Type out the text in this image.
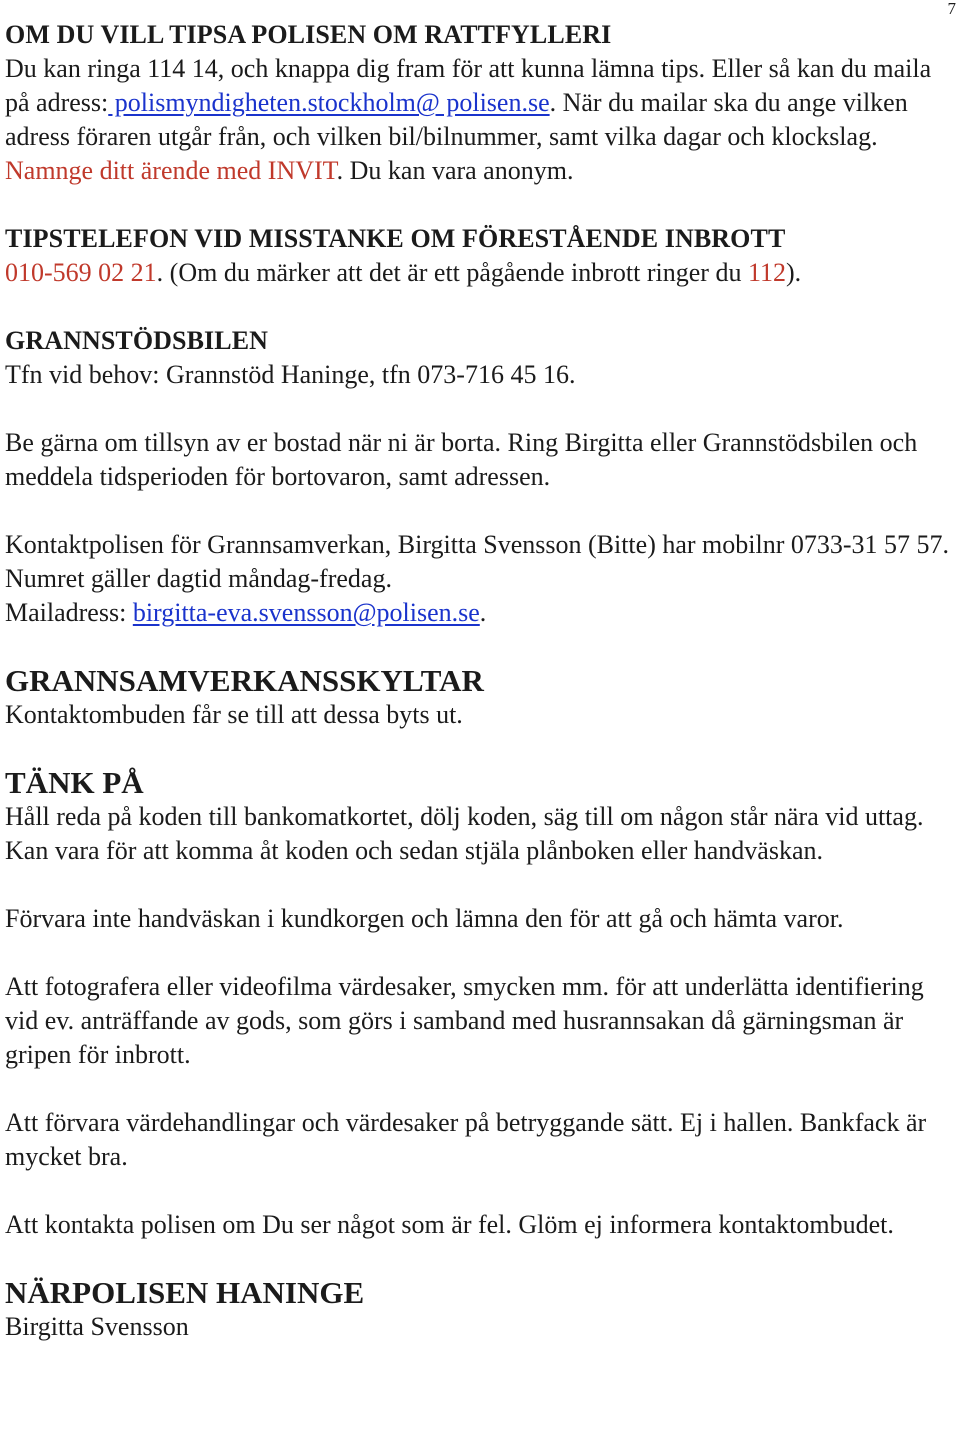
7
OM DU VILL TIPSA POLISEN OM RATTFYLLERI

Du kan ringa 114 14, och knappa dig fram för att kunna lämna tips. Eller så kan du maila på adress: polismyndigheten.stockholm@ polisen.se. När du mailar ska du ange vilken adress föraren utgår från, och vilken bil/bilnummer, samt vilka dagar och klockslag. Namnge ditt ärende med INVIT. Du kan vara anonym.

TIPSTELEFON VID MISSTANKE OM FÖRESTÅENDE INBROTT

010-569 02 21. (Om du märker att det är ett pågående inbrott ringer du 112).

GRANNSTÖDSBILEN

Tfn vid behov: Grannstöd Haninge, tfn 073-716 45 16.

Be gärna om tillsyn av er bostad när ni är borta. Ring Birgitta eller Grannstödsbilen och meddela tidsperioden för bortovaron, samt adressen.

Kontaktpolisen för Grannsamverkan, Birgitta Svensson (Bitte) har mobilnr 0733-31 57 57. Numret gäller dagtid måndag-fredag.

Mailadress: birgitta-eva.svensson@polisen.se.

GRANNSAMVERKANSSKYLTAR

Kontaktombuden får se till att dessa byts ut.

TÄNK PÅ

Håll reda på koden till bankomatkortet, dölj koden, säg till om någon står nära vid uttag. Kan vara för att komma åt koden och sedan stjäla plånboken eller handväskan.

Förvara inte handväskan i kundkorgen och lämna den för att gå och hämta varor.

Att fotografera eller videofilma värdesaker, smycken mm. för att underlätta identifiering vid ev. anträffande av gods, som görs i samband med husrannsakan då gärningsman är gripen för inbrott.

Att förvara värdehandlingar och värdesaker på betryggande sätt. Ej i hallen. Bankfack är mycket bra.

Att kontakta polisen om Du ser något som är fel. Glöm ej informera kontaktombudet.

NÄRPOLISEN HANINGE

Birgitta Svensson
